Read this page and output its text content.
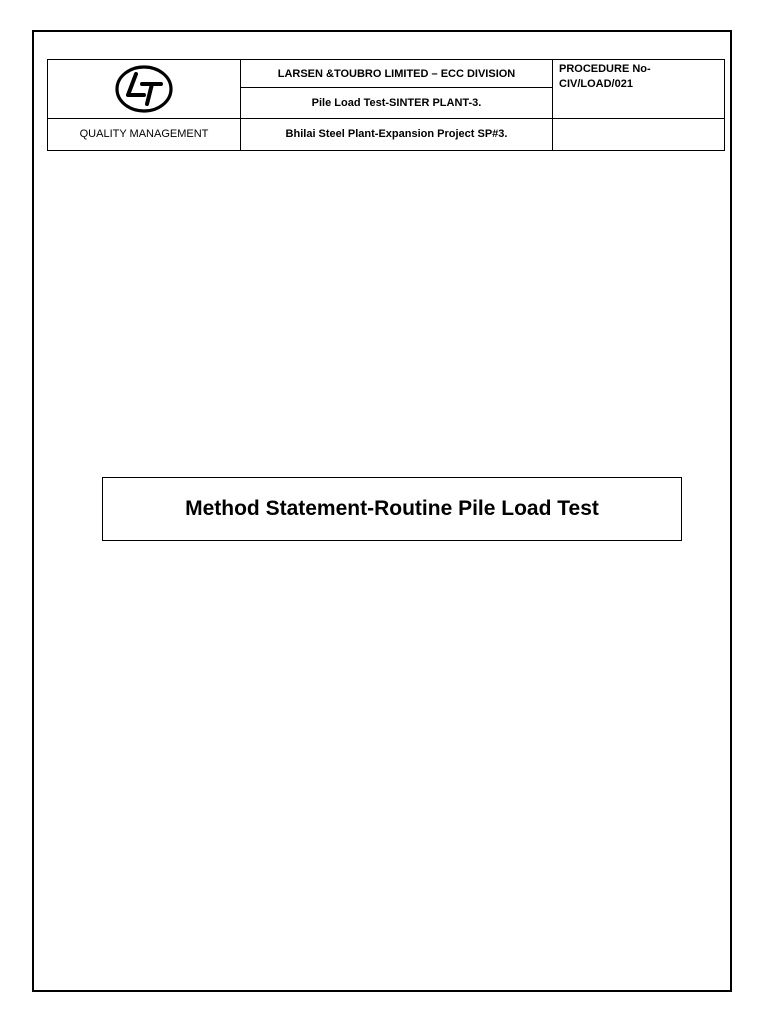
	LARSEN &TOUBRO LIMITED – ECC DIVISION	PROCEDURE No-
CIV/LOAD/021

	Pile Load Test-SINTER PLANT-3.	
QUALITY MANAGEMENT	Bhilai Steel Plant-Expansion Project SP#3.	
Method Statement-Routine Pile Load Test
